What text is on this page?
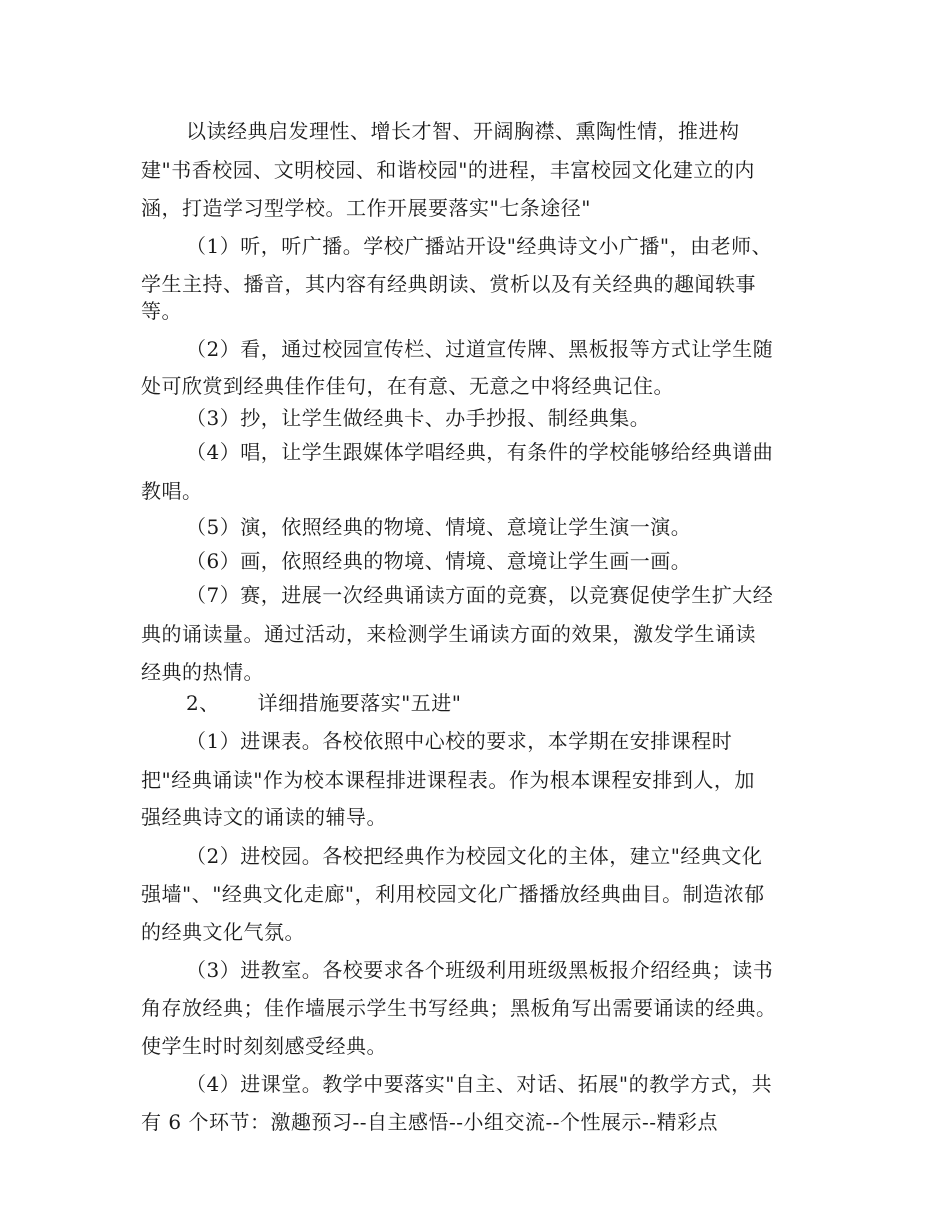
以读经典启发理性、增长才智、开阔胸襟、熏陶性情，推进构
建"书香校园、文明校园、和谐校园"的进程，丰富校园文化建立的内
涵，打造学习型学校。工作开展要落实"七条途径"
（1）听，听广播。学校广播站开设"经典诗文小广播"，由老师、
学生主持、播音，其内容有经典朗读、赏析以及有关经典的趣闻轶事
等。
（2）看，通过校园宣传栏、过道宣传牌、黑板报等方式让学生随
处可欣赏到经典佳作佳句，在有意、无意之中将经典记住。
（3）抄，让学生做经典卡、办手抄报、制经典集。
（4）唱，让学生跟媒体学唱经典，有条件的学校能够给经典谱曲
教唱。
（5）演，依照经典的物境、情境、意境让学生演一演。
（6）画，依照经典的物境、情境、意境让学生画一画。
（7）赛，进展一次经典诵读方面的竞赛，以竞赛促使学生扩大经
典的诵读量。通过活动，来检测学生诵读方面的效果，激发学生诵读
经典的热情。
2、　　 详细措施要落实"五进"
（1）进课表。各校依照中心校的要求，本学期在安排课程时
把"经典诵读"作为校本课程排进课程表。作为根本课程安排到人，加
强经典诗文的诵读的辅导。
（2）进校园。各校把经典作为校园文化的主体，建立"经典文化
强墙"、"经典文化走廊"，利用校园文化广播播放经典曲目。制造浓郁
的经典文化气氛。
（3）进教室。各校要求各个班级利用班级黑板报介绍经典；读书
角存放经典；佳作墙展示学生书写经典；黑板角写出需要诵读的经典。
使学生时时刻刻感受经典。
（4）进课堂。教学中要落实"自主、对话、拓展"的教学方式，共
有 6 个环节：激趣预习--自主感悟--小组交流--个性展示--精彩点
